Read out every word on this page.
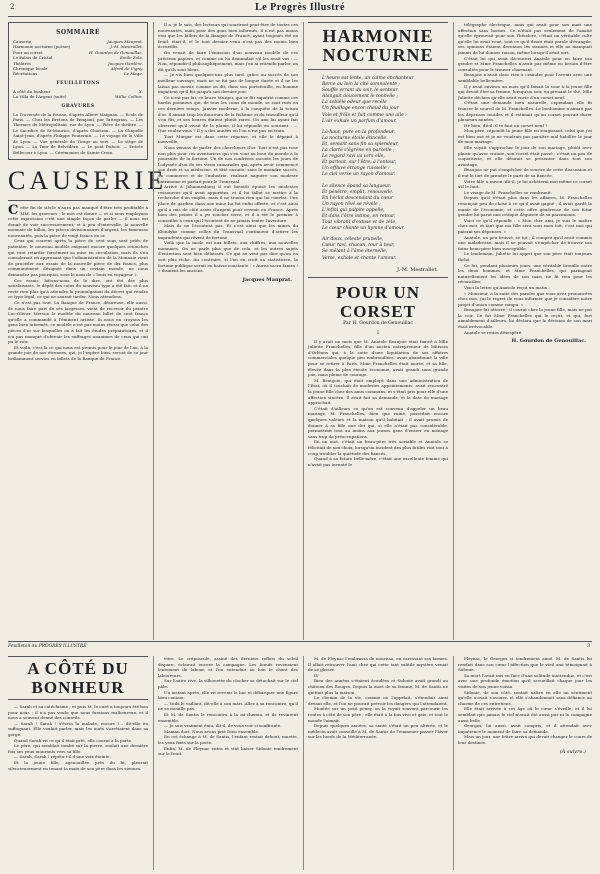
2	Le Progrès Illustré
SOMMAIRE
Causerie	Jacques Mauprat.
Harmonie nocturne (poésie)	J.-M. Mestrallet.
Pour un corset	H. Gourdon de Genouillac.
Le Palais de Cristal	Emile Zola.
Théâtres	Jacques Gardère.
Chronique locale	Alfred de Vigny.
Récréations	Le Mage.
FEUILLETONS
A côté du bonheur	X.
La Villa de l'Argent (suite)	Willie Collins.
GRAVURES
La Traversée de la Prusse, d'après Albert Maignan. — Ecole de Paris. — Chez les Bretons de Pempoul, par Tattegrain. — Les Thermes du Métropolitain, rue de Lyon. — Pièce de théâtre. — Le Sacrifice de St-Maurice, d'après Chartran. — La Chapelle Saint-Jean, d'après Philippe Pouterain. — Le voyage de la Ville de Lyon. — Vue générale du Tirage au sort. — Le siège de Lyon. — La Tour de Belvédère. — Le pont Dubois. — Entrée Bellecour à Lyon. — Cérémonies de Sainte-Croix.
CAUSERIE

Cette fin de siècle n'aura pas manqué d'être très profitable à MM. les graveurs ; le mot est donné — et si nous employons cette expression c'est une simple façon de parler — il nous est donné de voir successivement, et à peu d'intervalle, la nouvelle monnaie de billon, les pièces divisionnaires d'argent, les fameuses nouveautés, puis la pièce de vingt francs en or.

Ceux qui courent après la pièce de cent sous sont priés de patienter, le nouveau modèle exigeant encore quelques retouches qui vont retarder forcément sa mise en circulation, mais ils s'en consoleront en apprenant que l'administration de la Monnaie vient de procéder aux essais de la nouvelle pièce de dix francs, plus communément désignée dans un certain monde, ne nous demandez pas pourquoi, sous le nom de « louis en voyageur ».

Ces essais, hâtons-nous de le dire, ont été des plus satisfaisants, le dépôt des coins du nouveau type a été fait, et il ne reste rien plus qu'à attendre la promulgation du décret qui rendra ce type légal, ce qui ne saurait tarder. Nous attendons.

Ce n'est pas tout. La Banque de France, désireuse, elle aussi, de nous faire part de ses largesses, vient de recevoir du peintre Luc-Olivier Merson le modèle du nouveau billet de cent francs qu'elle a commandé à l'éminent artiste. Si nous en croyons les gens bien informés, ce modèle n'est pas moins réussi que celui des pièces d'or sur lesquelles on a fait les études préparatoires, et il n'a pas manqué d'obtenir les suffrages unanimes de ceux qui ont pu le voir.

Et voilà, c'est là ce qui nous est promis pour le jour de l'an, à la grande joie de nos étrennes, qui, je l'espère bien, seront de ce jour brillamment servies en billets de la Banque de France.

Il a, je le sais, des lecteurs qui souriront peut-être de toutes ces nouveautés, mais pour des gens bien informés, il n'est pas moins vrai que les billets de la Banque de France, ayant toujours été en froid, était-il, et le tout dernier venu n'est pas des moins bien accueillis.

On venait de faire l'émission d'un nouveau modèle de ces précieux papiers, et comme on lui demandait s'il les avait vus : — Non, répondit-il philosophiquement, mais j'en ai entendu parler, on dit qu'ils sont bleus.

— Je vis bien quelques-uns plus tard, grâce au succès de son meilleur ouvrage, mais ne se fut pas de longue durée et il ne les laissa pas moisir, comme on dit, dans son portefeuille, en homme impatient qu'il fut jusqu'à son dernier jour.

Ce n'est pas lui, ce brave Murger, qui se fût expatrié comme ces hardis pionniers qui, de tous les coins du monde, se sont rués en ces derniers temps, Janvier moderne, à la conquête de la toison d'or. Il aimait trop les douceurs de la Bohème et du travailleur qu'il s'en fût, et ses heures étaient plutôt rares. Un ami lui ayant fait observer qu'il vivait de la plume, il lui répondit en souriant : — Que voulez-vous ? Il y a des années où l'on n'est pas en train.

Tout Murger est dans cette réponse, et elle le dépeint à merveille.

Nous venons de parler des chercheurs d'or. Tout n'est pas rose non plus pour ces aventuriers qui s'en vont au bout du monde à la poursuite de la fortune. Un de nos confrères raconte les jours de l'odyssée d'un de ses vieux camarades qui, après avoir commencé son droit et sa médecine, et tâté ensuite, sans le moindre succès, du commerce et de l'industrie, réalisait naguère son modeste patrimoine et partait pour le Transvaal.

Arrivé à Johannesburg il eut bientôt épuisé les modestes ressources qu'il avait apportées, et il lui fallut se mettre à la recherche d'un emploi, mais il ne trouva rien qui lui convînt. Une place de gardien dans une mine lui fut enfin offerte, et c'est ainsi qu'il a mis de côté assez d'argent pour revenir en France. Après bien des peines il a pu toucher terre, et il a été le premier à conseiller à ceux qui l'écoutent de ne jamais tenter l'aventure.

Mais ils ne l'écoutent pas. Et c'est ainsi que les mines du Klondyke comme celles du Transvaal continuent d'attirer les imprudents qui rêvent de fortune.

Voilà que la mode est aux billets, aux chiffres, aux nouvelles monnaies. On ne parle plus que de cela, et les autres sujets d'entretien sont bien délaissés. Ce qui ne veut pas dire qu'on en soit plus riche. Au contraire, si l'on en croit un statisticien, la fortune publique serait en baisse constante : « Aurea sacra fames ! » disaient les anciens.

Jacques Mauprat.
HARMONIE NOCTURNE
L'heure est lente, un calme enchanteur
Berce au loin la cité somnolente ;
Souffle errant du soir, le senteur
Alanguit doucement le tonnelle ;
La sobièle odeur que recèle
Un feuillage encor chaud du jour
Vole et frôle et fuit comme une aile :
L'air exhale un parfum d'amour.
Là-haut, pure en la profondeur,
La nocturne étoile étincelle.
Et, semant sans fin sa splendeur,
La clarté s'égrène en parcelle ;
Le regard ravi va vers elle,
Et partout, sur l'être, à l'entour,
Un effluve étrange ruisselle :
Le ciel verse un rayon d'amour.
Le silence épand sa langueur.
Et pénètre, emplit, renouvelle.
En l'éclat descendant du cœur
Un rayon rêvé se révèle ;
L'infini qui palpite appelle,
Et dans l'être intime, en retour,
Tout vibrant d'extase et de zèle,
Le cœur chante un hymne d'amour.
Air doux, céleste prunelle,
Cœur ravi, chacun, tour à tour,
Se mêlant à l'âme éternelle,
Verse, exhale et chante l'amour.
J.-M. Mestrallet.
POUR UN CORSET
Par H. Gourdon de Genouillac
I

Il y avait un mois que M. Anatole Beaujoie était fiancé à Mlle Juliette Franchelles, fille d'un ancien entrepreneur de bâtisses d'Orléans qui, à la suite d'une liquidation de ses affaires commerciales quelque peu embrouillées, avait abandonné la ville pour se retirer à Paris. Mme Franchelles était morte, et sa fille, élevée dans la plus étroite économie, avait grandi sans grande joie, mais pleine de courage.

M. Beaujoie, qui était employé dans une administration de l'Etat, où il touchait de modestes appointements, avait rencontré la jeune fille chez des amis communs, et s'était pris pour elle d'une affection sincère. Il avait fait sa demande, et la date du mariage approchait.

C'était d'ailleurs ce qu'on est convenu d'appeler un beau mariage. M. Franchelles, bien que ruiné, possédait encore quelques valeurs et la maison qu'il habitait ; il avait promis de donner à sa fille une dot qui, si elle n'était pas considérable, permettrait tout au moins aux jeunes gens d'entrer en ménage sans trop de préoccupations.

En un mot, c'était un beau-père très sortable et Anatole se félicitait de son choix, lorsqu'un incident des plus futiles vint tout à coup troubler la quiétude des fiancés.

Quand à sa future belle-mère, c'était une excellente femme qui n'avait pas inventé le

télégraphe électrique, mais qui avait pour son mari une affection sans bornes. Ce n'était pas seulement de l'amitié qu'elle éprouvait pour son Théodore, c'était un véritable culte qu'elle lui avait voué, tout ce qu'il disait était parole d'évangile, ses opinions étaient devenues les siennes et elle ne manquait jamais de lui donner raison, même lorsqu'il avait tort.

C'était lui qui avait découvert Anatole pour en faire son gendre et Mme Franchelles n'avait pas même eu besoin d'être consultée pour le trouver charmant.

Beaujoie n'avait donc rien à craindre pour l'avenir avec une semblable belle-mère.

Il y avait environ un mois qu'il faisait la cour à la jeune fille qui devait être sa femme, lorsqu'un soir, en prenant le thé, Mlle Juliette déclara qu'elle avait envie d'un corset neuf.

C'était une demande bien naturelle, cependant elle fit froncer le sourcil de M. Franchelles. Le bonhomme n'aimait pas les dépenses inutiles et il estimait qu'un corset pouvait durer plusieurs années.

Hé bien, dit-il, il te faut un corset neuf ?

Mon père, répondit la jeune fille en rougissant, celui que j'ai est bien usé et je ne voudrais pas paraître mal habillée le jour de mon mariage.

Elle voyait s'approcher le jour de son mariage, plutôt avec plaisir qu'avec crainte, son corset était passé ; c'était un peu de coquetterie, et elle désirait se présenter dans tout son avantage.

Beaujoie ne put s'empêcher de sourire de cette discussion et il eut le tort de prendre le parti de sa fiancée.

Votre fille a raison, dit-il, je lui achèterai moi-même ce corset s'il le faut.

Le visage de M. Franchelles se rembrunit.

Depuis qu'il n'était plus dans les affaires, M. Franchelles renonçait peu de chose à ce qu'il avait gagné ; il avait gardé la manie de l'économie, et cette offre généreuse de son futur gendre lui parut une critique déguisée de sa parcimonie.

Voici ce qu'il répondit : « Mon cher ami, je suis le maître chez moi, et tant que ma fille sera sous mon toit, c'est moi qui paierai ses dépenses. »

Anatole, un peu froissé, se tut ; il comprit qu'il avait commis une maladresse, mais il ne pouvait s'empêcher de trouver son futur beau-père bien susceptible.

Le lendemain, Juliette lui apprit que son père était toujours fâché.

Ce fut, pendant plusieurs jours, une véritable brouille entre les deux hommes, et Mme Franchelles, qui partageait naturellement les idées de son mari, ne fit rien pour les réconcilier.

Voici la lettre qu'Anatole reçut un matin :

« Monsieur, à la suite des paroles que vous avez prononcées chez moi, j'ai le regret de vous informer que je considère notre projet d'union comme rompu. »

Beaujoie fut atterré ; il courut chez la jeune fille, mais ne put la voir. Ce fut Mme Franchelles qui le reçut, et qui, fort aimablement d'ailleurs, lui déclara que la décision de son mari était irrévocable.

Anatole se retira désespéré.

H. Gourdon de Genouillac.
Feuilleton du PROGRÈS ILLUSTRÉ	3
A CÔTÉ DU BONHEUR

— Sarah et sa catéchisme ; et puis M. le curé a toujours été bon pour nous ; il n'a pas voulu que nous fussions malheureux, et il nous a souvent donné des conseils.

— Sarah ! Sarah ! s'écria la malade, encore !... dit-elle en suffoquant. Elle voulait parler, mais les mots s'arrêtaient dans sa gorge.

Quand Sarah vit ce qu'il était prêt, elle courut à la porte.

Le père, qui semblait tombé sur la pierre, roulait une dernière fois ses yeux mourants vers sa fille.

— Sarah, Sarah ! répéta-t-il d'une voix éteinte.

Et la jeune fille, agenouillée près du lit, pleurait silencieusement en tenant la main de son père dans les siennes.

vitre. Le crépuscule, assiné des derniers reflets du soleil disparu, éclairait encore la campagne. Les bœufs revenaient lentement du labour, et l'on entendait au loin le chant des laboureurs.

Sur l'autre rive, la silhouette du clocher se détachait sur le ciel pâle.

Un instant après, elle vit revenir le bac et débarquer une figure bien connue.

— Voilà le vaillant, dit-elle à son mari. Allez à sa rencontre, qu'il ne se mouille pas.

Et M. de Santis le rencontra à la mi-chemin, et ils revinrent ensemble.

— Je suis vraiment ému, dit-il, de vous voir si souffrante.

Maman dort. Nous avons prié Dieu ensemble.

En cet échange à M. de Santis, l'enfant restait debout, muette, les yeux fixés sur la porte.

Enfin, M. de Fleynac entra et vint baiser Sidonie tendrement sur le front.

M. de Fleynac l'embrassa de nouveau, en caressant ses larmes. Il allait retrouver l'ami chez qui cette tant subtile mystère venait de se glisser.

IV

Bien des années s'étaient écoulées et Sidonie avait grandi au château des Rouges. Depuis la mort de sa femme, M. de Santis ne quittait plus la maison.

Le chemin de la vie, comme on l'appelait, s'étendait ainsi devant elle, et l'on ne pouvait prévoir les dangers qui l'attendaient.

Montée sur un petit poney, on la voyait souvent parcourir les routes à côté de son père ; elle était à la fois vive et gaie, et tout le monde l'aimait.

Depuis quelques années, sa santé s'était un peu altérée, et le médecin avait conseillé à M. de Santis de l'emmener passer l'hiver sur les bords de la Méditerranée.

Fleynac, le Georges si tendrement aimé. M. de Santis lui rendait dans son cœur l'affection que le vieil ami témoignait à Sidonie.

Sa mort l'avait mis en face d'une solitude inattendue, et c'est avec une profonde émotion qu'il accueillait chaque jour les visites de son jeune voisin.

Sidonie, de son côté, sentait naître en elle un sentiment qu'elle n'osait s'avouer, et elle s'abandonnait sans défiance au charme de ces entretiens.

Elle était arrivée à cet âge où le cœur s'éveille, et il lui semblait que jamais le ciel n'avait été aussi pur ni la campagne aussi belle.

Georges, lui aussi, avait compris, et il attendait avec impatience le moment de faire sa demande.

Mais un jour, une lettre arriva qui devait changer le cours de leur destinée.

(À suivre.)
